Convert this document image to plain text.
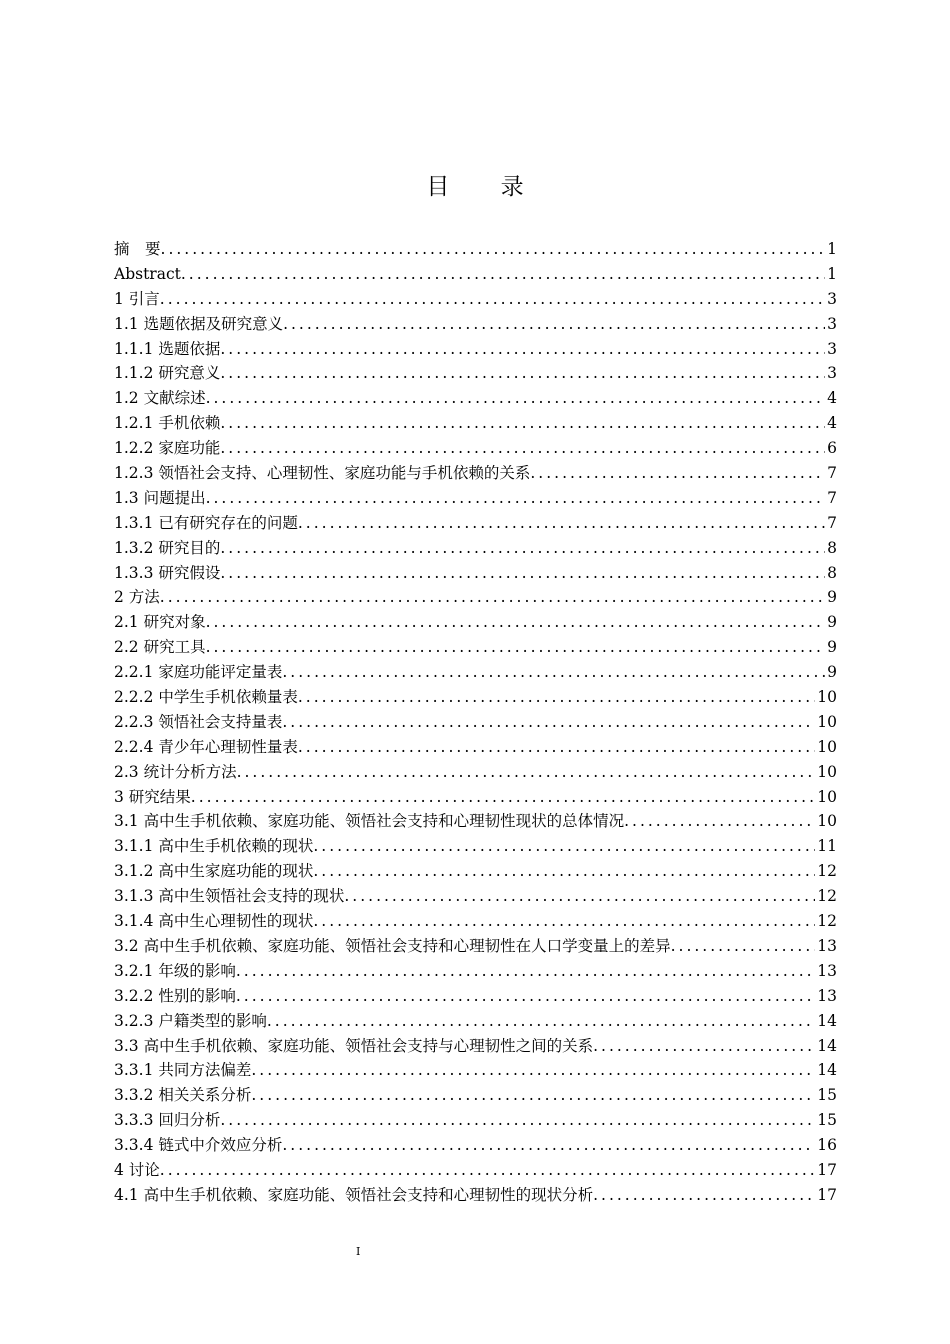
目 录
摘　要 .....	1
Abstract .....	1
1 引言 .....	3
1.1 选题依据及研究意义 .....	3
1.1.1 选题依据 .....	3
1.1.2 研究意义 .....	3
1.2 文献综述 .....	4
1.2.1 手机依赖 .....	4
1.2.2 家庭功能 .....	6
1.2.3 领悟社会支持、心理韧性、家庭功能与手机依赖的关系 .....	7
1.3 问题提出 .....	7
1.3.1 已有研究存在的问题 .....	7
1.3.2 研究目的 .....	8
1.3.3 研究假设 .....	8
2 方法 .....	9
2.1 研究对象 .....	9
2.2 研究工具 .....	9
2.2.1 家庭功能评定量表 .....	9
2.2.2 中学生手机依赖量表 .....	10
2.2.3 领悟社会支持量表 .....	10
2.2.4 青少年心理韧性量表 .....	10
2.3 统计分析方法 .....	10
3 研究结果 .....	10
3.1 高中生手机依赖、家庭功能、领悟社会支持和心理韧性现状的总体情况 .....	10
3.1.1 高中生手机依赖的现状 .....	11
3.1.2 高中生家庭功能的现状 .....	12
3.1.3 高中生领悟社会支持的现状 .....	12
3.1.4 高中生心理韧性的现状 .....	12
3.2 高中生手机依赖、家庭功能、领悟社会支持和心理韧性在人口学变量上的差异 .....	13
3.2.1 年级的影响 .....	13
3.2.2 性别的影响 .....	13
3.2.3 户籍类型的影响 .....	14
3.3 高中生手机依赖、家庭功能、领悟社会支持与心理韧性之间的关系 .....	14
3.3.1 共同方法偏差 .....	14
3.3.2 相关关系分析 .....	15
3.3.3 回归分析 .....	15
3.3.4 链式中介效应分析 .....	16
4 讨论 .....	17
4.1 高中生手机依赖、家庭功能、领悟社会支持和心理韧性的现状分析 .....	17
I
